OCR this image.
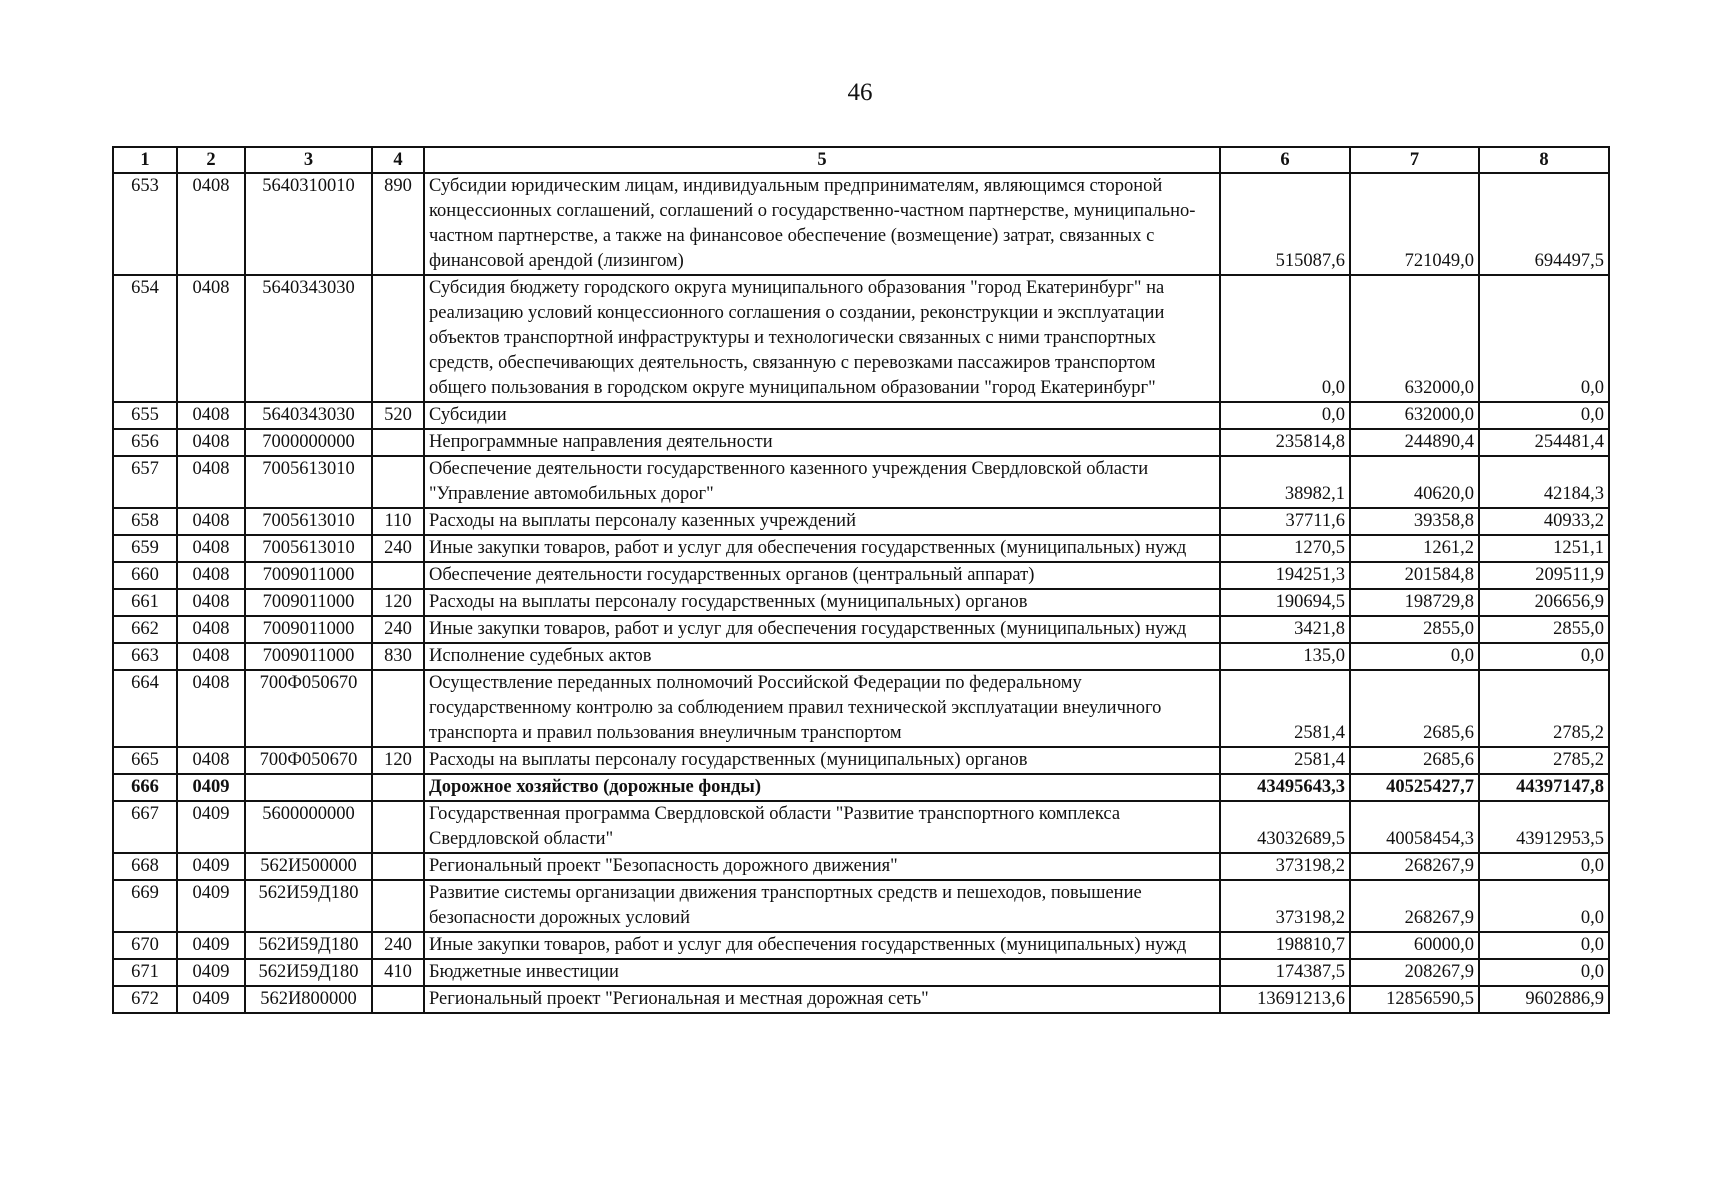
46
1	2	3	4	5	6	7	8
653	0408	5640310010	890	Субсидии юридическим лицам, индивидуальным предпринимателям, являющимся стороной концессионных соглашений, соглашений о государственно-частном партнерстве, муниципально-частном партнерстве, а также на финансовое обеспечение (возмещение) затрат, связанных с финансовой арендой (лизингом)	515087,6	721049,0	694497,5
654	0408	5640343030		Субсидия бюджету городского округа муниципального образования "город Екатеринбург" на реализацию условий концессионного соглашения о создании, реконструкции и эксплуатации объектов транспортной инфраструктуры и технологически связанных с ними транспортных средств, обеспечивающих деятельность, связанную с перевозками пассажиров транспортом общего пользования в городском округе муниципальном образовании "город Екатеринбург"	0,0	632000,0	0,0
655	0408	5640343030	520	Субсидии	0,0	632000,0	0,0
656	0408	7000000000		Непрограммные направления деятельности	235814,8	244890,4	254481,4
657	0408	7005613010		Обеспечение деятельности государственного казенного учреждения Свердловской области "Управление автомобильных дорог"	38982,1	40620,0	42184,3
658	0408	7005613010	110	Расходы на выплаты персоналу казенных учреждений	37711,6	39358,8	40933,2
659	0408	7005613010	240	Иные закупки товаров, работ и услуг для обеспечения государственных (муниципальных) нужд	1270,5	1261,2	1251,1
660	0408	7009011000		Обеспечение деятельности государственных органов (центральный аппарат)	194251,3	201584,8	209511,9
661	0408	7009011000	120	Расходы на выплаты персоналу государственных (муниципальных) органов	190694,5	198729,8	206656,9
662	0408	7009011000	240	Иные закупки товаров, работ и услуг для обеспечения государственных (муниципальных) нужд	3421,8	2855,0	2855,0
663	0408	7009011000	830	Исполнение судебных актов	135,0	0,0	0,0
664	0408	700Ф050670		Осуществление переданных полномочий Российской Федерации по федеральному государственному контролю за соблюдением правил технической эксплуатации внеуличного транспорта и правил пользования внеуличным транспортом	2581,4	2685,6	2785,2
665	0408	700Ф050670	120	Расходы на выплаты персоналу государственных (муниципальных) органов	2581,4	2685,6	2785,2
666	0409			Дорожное хозяйство (дорожные фонды)	43495643,3	40525427,7	44397147,8
667	0409	5600000000		Государственная программа Свердловской области "Развитие транспортного комплекса Свердловской области"	43032689,5	40058454,3	43912953,5
668	0409	562И500000		Региональный проект "Безопасность дорожного движения"	373198,2	268267,9	0,0
669	0409	562И59Д180		Развитие системы организации движения транспортных средств и пешеходов, повышение безопасности дорожных условий	373198,2	268267,9	0,0
670	0409	562И59Д180	240	Иные закупки товаров, работ и услуг для обеспечения государственных (муниципальных) нужд	198810,7	60000,0	0,0
671	0409	562И59Д180	410	Бюджетные инвестиции	174387,5	208267,9	0,0
672	0409	562И800000		Региональный проект "Региональная и местная дорожная сеть"	13691213,6	12856590,5	9602886,9
